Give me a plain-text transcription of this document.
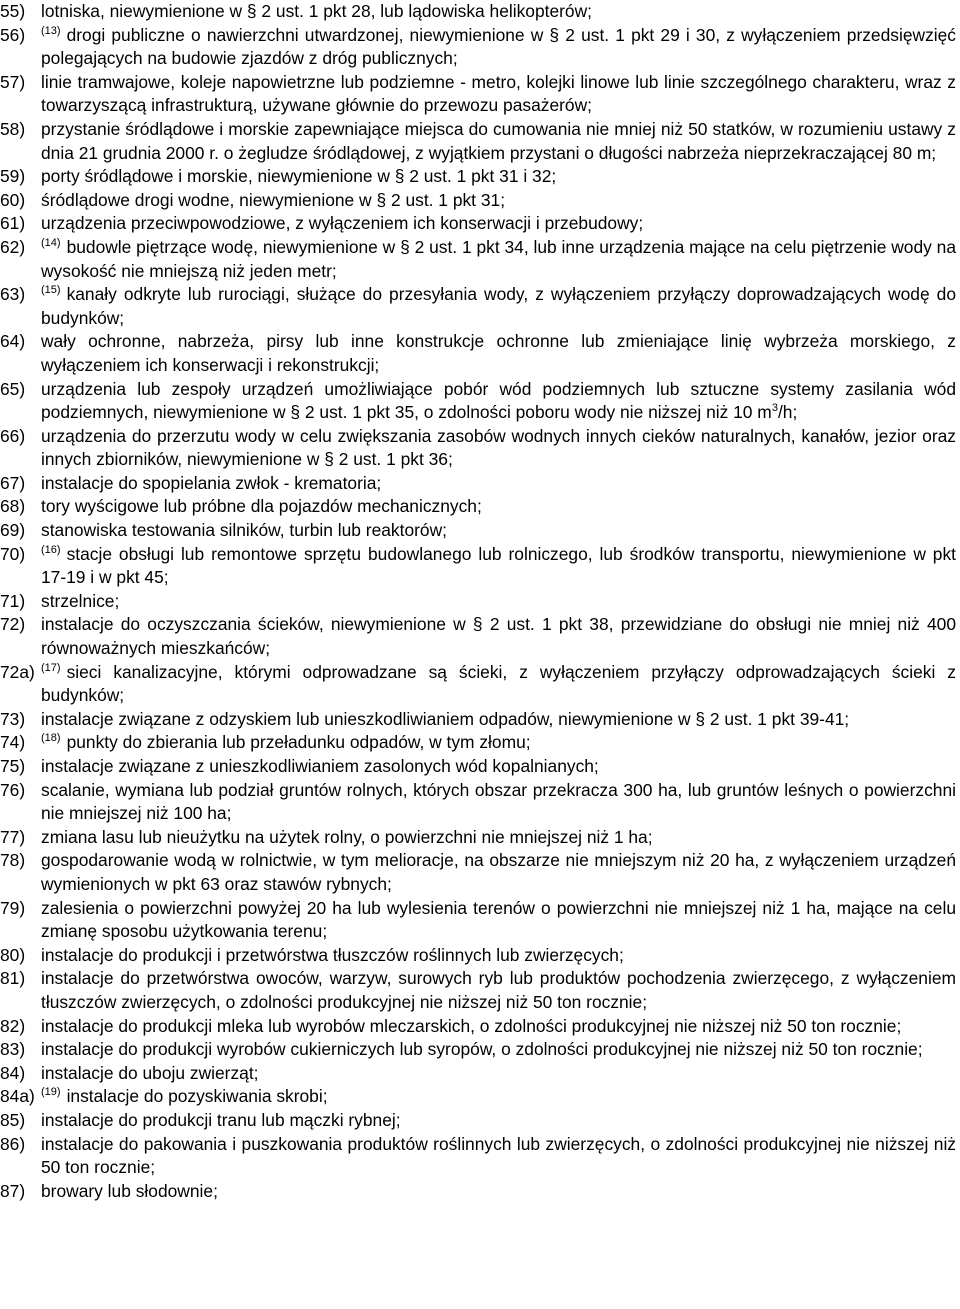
55) lotniska, niewymienione w § 2 ust. 1 pkt 28, lub lądowiska helikopterów;
56) $^{(13)}$ drogi publiczne o nawierzchni utwardzonej, niewymienione w § 2 ust. 1 pkt 29 i 30, z wyłączeniem przedsięwzięć polegających na budowie zjazdów z dróg publicznych;
57) linie tramwajowe, koleje napowietrzne lub podziemne - metro, kolejki linowe lub linie szczególnego charakteru, wraz z towarzyszącą infrastrukturą, używane głównie do przewozu pasażerów;
58) przystanie śródlądowe i morskie zapewniające miejsca do cumowania nie mniej niż 50 statków, w rozumieniu ustawy z dnia 21 grudnia 2000 r. o żegludze śródlądowej, z wyjątkiem przystani o długości nabrzeża nieprzekraczającej 80 m;
59) porty śródlądowe i morskie, niewymienione w § 2 ust. 1 pkt 31 i 32;
60) śródlądowe drogi wodne, niewymienione w § 2 ust. 1 pkt 31;
61) urządzenia przeciwpowodziowe, z wyłączeniem ich konserwacji i przebudowy;
62) $^{(14)}$ budowle piętrzące wodę, niewymienione w § 2 ust. 1 pkt 34, lub inne urządzenia mające na celu piętrzenie wody na wysokość nie mniejszą niż jeden metr;
63) $^{(15)}$ kanały odkryte lub rurociągi, służące do przesyłania wody, z wyłączeniem przyłączy doprowadzających wodę do budynków;
64) wały ochronne, nabrzeża, pirsy lub inne konstrukcje ochronne lub zmieniające linię wybrzeża morskiego, z wyłączeniem ich konserwacji i rekonstrukcji;
65) urządzenia lub zespoły urządzeń umożliwiające pobór wód podziemnych lub sztuczne systemy zasilania wód podziemnych, niewymienione w § 2 ust. 1 pkt 35, o zdolności poboru wody nie niższej niż 10 $m^3/h$;
66) urządzenia do przerzutu wody w celu zwiększania zasobów wodnych innych cieków naturalnych, kanałów, jezior oraz innych zbiorników, niewymienione w § 2 ust. 1 pkt 36;
67) instalacje do spopielania zwłok - krematoria;
68) tory wyścigowe lub próbne dla pojazdów mechanicznych;
69) stanowiska testowania silników, turbin lub reaktorów;
70) $^{(16)}$ stacje obsługi lub remontowe sprzętu budowlanego lub rolniczego, lub środków transportu, niewymienione w pkt 17-19 i w pkt 45;
71) strzelnice;
72) instalacje do oczyszczania ścieków, niewymienione w § 2 ust. 1 pkt 38, przewidziane do obsługi nie mniej niż 400 równoważnych mieszkańców;
72a) $^{(17)}$ sieci kanalizacyjne, którymi odprowadzane są ścieki, z wyłączeniem przyłączy odprowadzających ścieki z budynków;
73) instalacje związane z odzyskiem lub unieszkodliwianiem odpadów, niewymienione w § 2 ust. 1 pkt 39-41;
74) $^{(18)}$ punkty do zbierania lub przeładunku odpadów, w tym złomu;
75) instalacje związane z unieszkodliwianiem zasolonych wód kopalnianych;
76) scalanie, wymiana lub podział gruntów rolnych, których obszar przekracza 300 ha, lub gruntów leśnych o powierzchni nie mniejszej niż 100 ha;
77) zmiana lasu lub nieużytku na użytek rolny, o powierzchni nie mniejszej niż 1 ha;
78) gospodarowanie wodą w rolnictwie, w tym melioracje, na obszarze nie mniejszym niż 20 ha, z wyłączeniem urządzeń wymienionych w pkt 63 oraz stawów rybnych;
79) zalesienia o powierzchni powyżej 20 ha lub wylesienia terenów o powierzchni nie mniejszej niż 1 ha, mające na celu zmianę sposobu użytkowania terenu;
80) instalacje do produkcji i przetwórstwa tłuszczów roślinnych lub zwierzęcych;
81) instalacje do przetwórstwa owoców, warzyw, surowych ryb lub produktów pochodzenia zwierzęcego, z wyłączeniem tłuszczów zwierzęcych, o zdolności produkcyjnej nie niższej niż 50 ton rocznie;
82) instalacje do produkcji mleka lub wyrobów mleczarskich, o zdolności produkcyjnej nie niższej niż 50 ton rocznie;
83) instalacje do produkcji wyrobów cukierniczych lub syropów, o zdolności produkcyjnej nie niższej niż 50 ton rocznie;
84) instalacje do uboju zwierząt;
84a) $^{(19)}$ instalacje do pozyskiwania skrobi;
85) instalacje do produkcji tranu lub mączki rybnej;
86) instalacje do pakowania i puszkowania produktów roślinnych lub zwierzęcych, o zdolności produkcyjnej nie niższej niż 50 ton rocznie;
87) browary lub słodownie;
